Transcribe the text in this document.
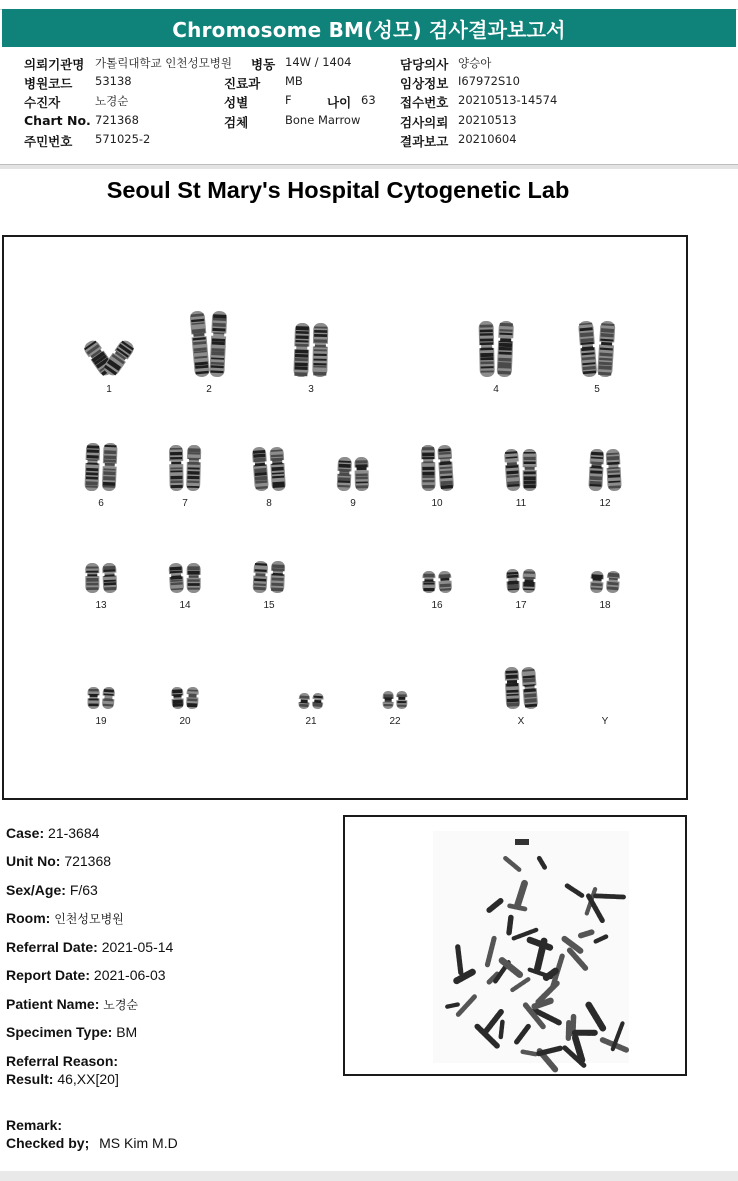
Chromosome BM(성모) 검사결과보고서
의뢰기관명 가톨릭대학교 인천성모병원 병동 14W / 1404	담당의사 양승아
병원코드 53138	진료과 MB	임상정보 I67972S10
수진자	노경순	성별	F	나이 63 접수번호 20210513-14574
Chart No. 721368	검체	Bone Marrow	검사의뢰 20210513
주민번호 571025-2	결과보고 20210604
Seoul St Mary's Hospital Cytogenetic Lab
1	2	3	4	5
6	7	8	9	10	11	12
13	14	15	16	17	18
19	20	21	22	X	Y
Case: 21-3684
Unit No: 721368
Sex/Age: F/63
Room: 인천성모병원
Referral Date: 2021-05-14
Report Date: 2021-06-03
Patient Name: 노경순
Specimen Type: BM
Referral Reason:
Result: 46,XX[20]
Remark:
Checked by; MS Kim M.D
